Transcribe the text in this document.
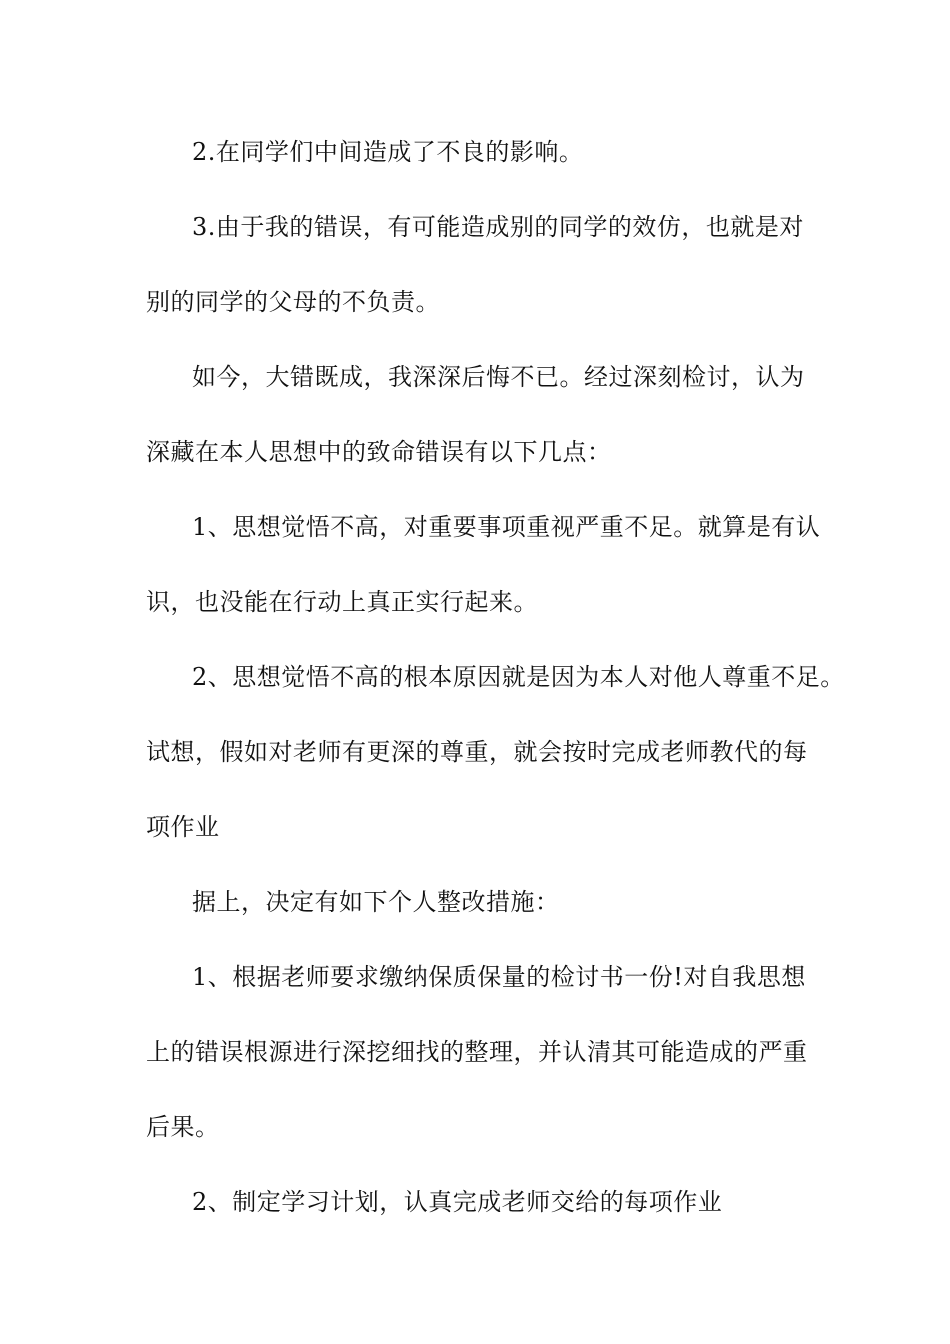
2.在同学们中间造成了不良的影响。
3.由于我的错误，有可能造成别的同学的效仿，也就是对
别的同学的父母的不负责。
如今，大错既成，我深深后悔不已。经过深刻检讨，认为
深藏在本人思想中的致命错误有以下几点：
1、思想觉悟不高，对重要事项重视严重不足。就算是有认
识，也没能在行动上真正实行起来。
2、思想觉悟不高的根本原因就是因为本人对他人尊重不足。
试想，假如对老师有更深的尊重，就会按时完成老师教代的每
项作业
据上，决定有如下个人整改措施：
1、根据老师要求缴纳保质保量的检讨书一份!对自我思想
上的错误根源进行深挖细找的整理，并认清其可能造成的严重
后果。
2、制定学习计划，认真完成老师交给的每项作业
